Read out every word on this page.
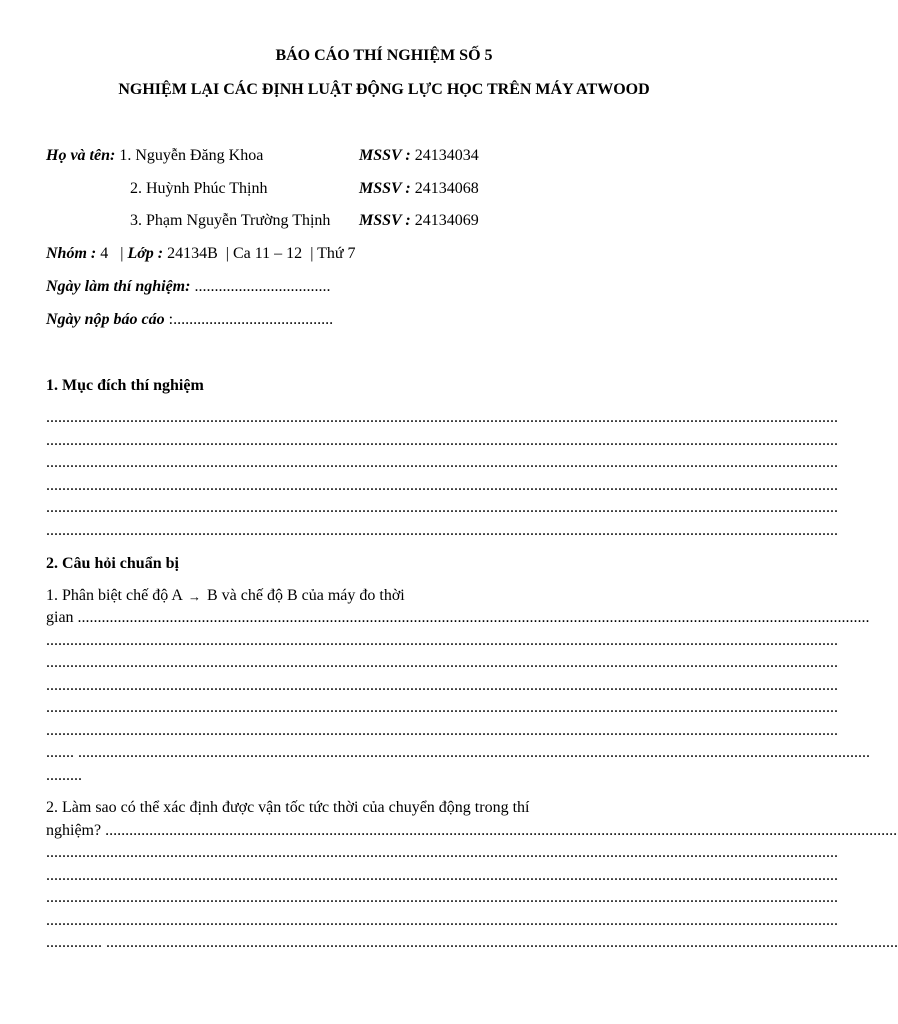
BÁO CÁO THÍ NGHIỆM SỐ 5
NGHIỆM LẠI CÁC ĐỊNH LUẬT ĐỘNG LỰC HỌC TRÊN MÁY ATWOOD
Họ và tên: 1. Nguyễn Đăng Khoa	MSSV : 24134034
2. Huỳnh Phúc Thịnh	MSSV : 24134068
3. Phạm Nguyễn Trường Thịnh MSSV : 24134069
Nhóm : 4 | Lớp : 24134B | Ca 11 – 12 | Thứ 7
Ngày làm thí nghiệm: ..................................
Ngày nộp báo cáo :........................................
1. Mục đích thí nghiệm
......................................................................................................................................................................................................
......................................................................................................................................................................................................
......................................................................................................................................................................................................
......................................................................................................................................................................................................
......................................................................................................................................................................................................
......................................................................................................................................................................................................
2. Câu hỏi chuẩn bị
1. Phân biệt chế độ A → B và chế độ B của máy đo thời
gian
......................................................................................................................................................................................................
......................................................................................................................................................................................................
......................................................................................................................................................................................................
......................................................................................................................................................................................................
......................................................................................................................................................................................................
......................................................................................................................................................................................................
.......
......................................................................................................................................................................................................
.........
2. Làm sao có thể xác định được vận tốc tức thời của chuyển động trong thí
nghiệm?
......................................................................................................................................................................................................
......................................................................................................................................................................................................
......................................................................................................................................................................................................
......................................................................................................................................................................................................
......................................................................................................................................................................................................
..............
......................................................................................................................................................................................................
